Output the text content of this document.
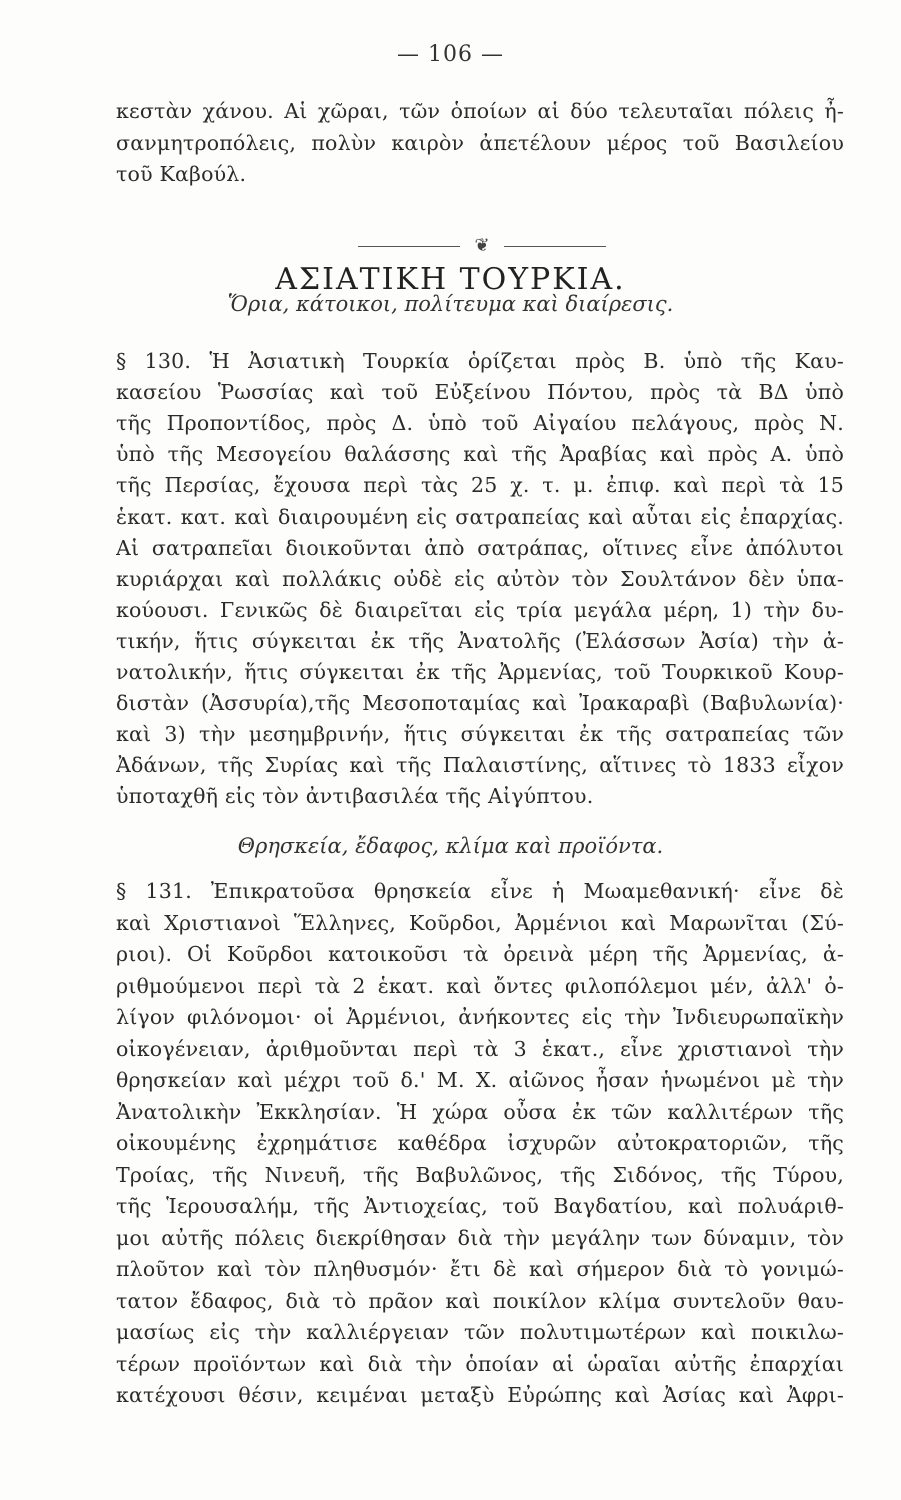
— 106 —
κεστὰν χάνου. Αἱ χῶραι, τῶν ὁποίων αἱ δύο τελευταῖαι πόλεις ἦ-
σανμητροπόλεις, πολὺν καιρὸν ἀπετέλουν μέρος τοῦ Βασιλείου
τοῦ Καβούλ.
❦
ΑΣΙΑΤΙΚΗ ΤΟΥΡΚΙΑ.
Ὅρια, κάτοικοι, πολίτευμα καὶ διαίρεσις.
§ 130. Ἡ Ἀσιατικὴ Τουρκία ὁρίζεται πρὸς Β. ὑπὸ τῆς Καυ-
κασείου Ῥωσσίας καὶ τοῦ Εὐξείνου Πόντου, πρὸς τὰ ΒΔ ὑπὸ
τῆς Προποντίδος, πρὸς Δ. ὑπὸ τοῦ Αἰγαίου πελάγους, πρὸς Ν.
ὑπὸ τῆς Μεσογείου θαλάσσης καὶ τῆς Ἀραβίας καὶ πρὸς Α. ὑπὸ
τῆς Περσίας, ἔχουσα περὶ τὰς 25 χ. τ. μ. ἐπιφ. καὶ περὶ τὰ 15
ἑκατ. κατ. καὶ διαιρουμένη εἰς σατραπείας καὶ αὗται εἰς ἐπαρχίας.
Αἱ σατραπεῖαι διοικοῦνται ἀπὸ σατράπας, οἵτινες εἶνε ἀπόλυτοι
κυριάρχαι καὶ πολλάκις οὐδὲ εἰς αὐτὸν τὸν Σουλτάνον δὲν ὑπα-
κούουσι. Γενικῶς δὲ διαιρεῖται εἰς τρία μεγάλα μέρη, 1) τὴν δυ-
τικήν, ἥτις σύγκειται ἐκ τῆς Ἀνατολῆς (Ἐλάσσων Ἀσία) τὴν ἀ-
νατολικήν, ἥτις σύγκειται ἐκ τῆς Ἀρμενίας, τοῦ Τουρκικοῦ Κουρ-
διστὰν (Ἀσσυρία),τῆς Μεσοποταμίας καὶ Ἰρακαραβὶ (Βαβυλωνία)·
καὶ 3) τὴν μεσημβρινήν, ἥτις σύγκειται ἐκ τῆς σατραπείας τῶν
Ἀδάνων, τῆς Συρίας καὶ τῆς Παλαιστίνης, αἵτινες τὸ 1833 εἶχον
ὑποταχθῆ εἰς τὸν ἀντιβασιλέα τῆς Αἰγύπτου.
Θρησκεία, ἔδαφος, κλίμα καὶ προϊόντα.
§ 131. Ἐπικρατοῦσα θρησκεία εἶνε ἡ Μωαμεθανική· εἶνε δὲ
καὶ Χριστιανοὶ Ἕλληνες, Κοῦρδοι, Ἀρμένιοι καὶ Μαρωνῖται (Σύ-
ριοι). Οἱ Κοῦρδοι κατοικοῦσι τὰ ὀρεινὰ μέρη τῆς Ἀρμενίας, ἀ-
ριθμούμενοι περὶ τὰ 2 ἑκατ. καὶ ὄντες φιλοπόλεμοι μέν, ἀλλ' ὀ-
λίγον φιλόνομοι· οἱ Ἀρμένιοι, ἀνήκοντες εἰς τὴν Ἰνδιευρωπαϊκὴν
οἰκογένειαν, ἀριθμοῦνται περὶ τὰ 3 ἑκατ., εἶνε χριστιανοὶ τὴν
θρησκείαν καὶ μέχρι τοῦ δ.' Μ. Χ. αἰῶνος ἦσαν ἡνωμένοι μὲ τὴν
Ἀνατολικὴν Ἐκκλησίαν. Ἡ χώρα οὖσα ἐκ τῶν καλλιτέρων τῆς
οἰκουμένης ἐχρημάτισε καθέδρα ἰσχυρῶν αὐτοκρατοριῶν, τῆς
Τροίας, τῆς Νινευῆ, τῆς Βαβυλῶνος, τῆς Σιδόνος, τῆς Τύρου,
τῆς Ἱερουσαλήμ, τῆς Ἀντιοχείας, τοῦ Βαγδατίου, καὶ πολυάριθ-
μοι αὐτῆς πόλεις διεκρίθησαν διὰ τὴν μεγάλην των δύναμιν, τὸν
πλοῦτον καὶ τὸν πληθυσμόν· ἔτι δὲ καὶ σήμερον διὰ τὸ γονιμώ-
τατον ἔδαφος, διὰ τὸ πρᾶον καὶ ποικίλον κλίμα συντελοῦν θαυ-
μασίως εἰς τὴν καλλιέργειαν τῶν πολυτιμωτέρων καὶ ποικιλω-
τέρων προϊόντων καὶ διὰ τὴν ὁποίαν αἱ ὡραῖαι αὐτῆς ἐπαρχίαι
κατέχουσι θέσιν, κειμέναι μεταξὺ Εὐρώπης καὶ Ἀσίας καὶ Ἀφρι-
